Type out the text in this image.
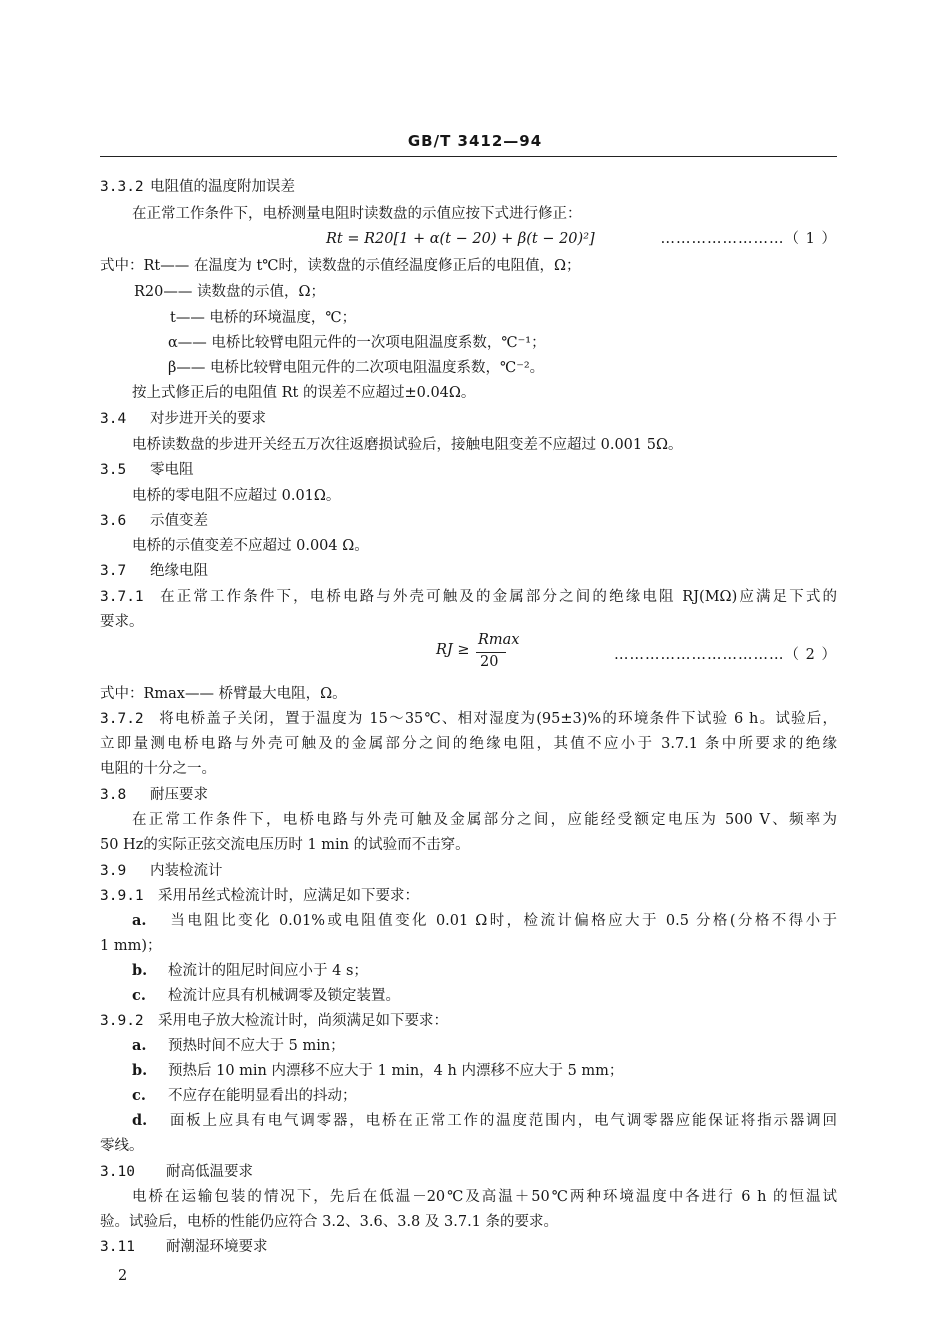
GB/T 3412—94
3.3.2 电阻值的温度附加误差
在正常工作条件下，电桥测量电阻时读数盘的示值应按下式进行修正：
Rt = R20[1 + α(t − 20) + β(t − 20)²]	……………………（ 1 ）
式中：Rt—— 在温度为 t℃时，读数盘的示值经温度修正后的电阻值，Ω；
R20—— 读数盘的示值，Ω；
t—— 电桥的环境温度，℃；
α—— 电桥比较臂电阻元件的一次项电阻温度系数，℃⁻¹；
β—— 电桥比较臂电阻元件的二次项电阻温度系数，℃⁻²。
按上式修正后的电阻值 Rt 的误差不应超过±0.04Ω。
3.4 对步进开关的要求
电桥读数盘的步进开关经五万次往返磨损试验后，接触电阻变差不应超过 0.001 5Ω。
3.5 零电阻
电桥的零电阻不应超过 0.01Ω。
3.6 示值变差
电桥的示值变差不应超过 0.004 Ω。
3.7 绝缘电阻
3.7.1 在正常工作条件下，电桥电路与外壳可触及的金属部分之间的绝缘电阻 RJ(MΩ)应满足下式的
要求。
RJ ≥
Rmax
20	……………………………（ 2 ）
式中：Rmax—— 桥臂最大电阻，Ω。
3.7.2 将电桥盖子关闭，置于温度为 15～35℃、相对湿度为(95±3)%的环境条件下试验 6 h。试验后，
立即量测电桥电路与外壳可触及的金属部分之间的绝缘电阻，其值不应小于 3.7.1 条中所要求的绝缘
电阻的十分之一。
3.8 耐压要求
在正常工作条件下，电桥电路与外壳可触及金属部分之间，应能经受额定电压为 500 V、频率为
50 Hz的实际正弦交流电压历时 1 min 的试验而不击穿。
3.9 内装检流计
3.9.1 采用吊丝式检流计时，应满足如下要求：
a. 当电阻比变化 0.01%或电阻值变化 0.01 Ω时，检流计偏格应大于 0.5 分格(分格不得小于
1 mm)；
b. 检流计的阻尼时间应小于 4 s；
c. 检流计应具有机械调零及锁定装置。
3.9.2 采用电子放大检流计时，尚须满足如下要求：
a. 预热时间不应大于 5 min；
b. 预热后 10 min 内漂移不应大于 1 min，4 h 内漂移不应大于 5 mm；
c. 不应存在能明显看出的抖动；
d. 面板上应具有电气调零器，电桥在正常工作的温度范围内，电气调零器应能保证将指示器调回
零线。
3.10 耐高低温要求
电桥在运输包装的情况下，先后在低温－20℃及高温＋50℃两种环境温度中各进行 6 h 的恒温试
验。试验后，电桥的性能仍应符合 3.2、3.6、3.8 及 3.7.1 条的要求。
3.11 耐潮湿环境要求
2
